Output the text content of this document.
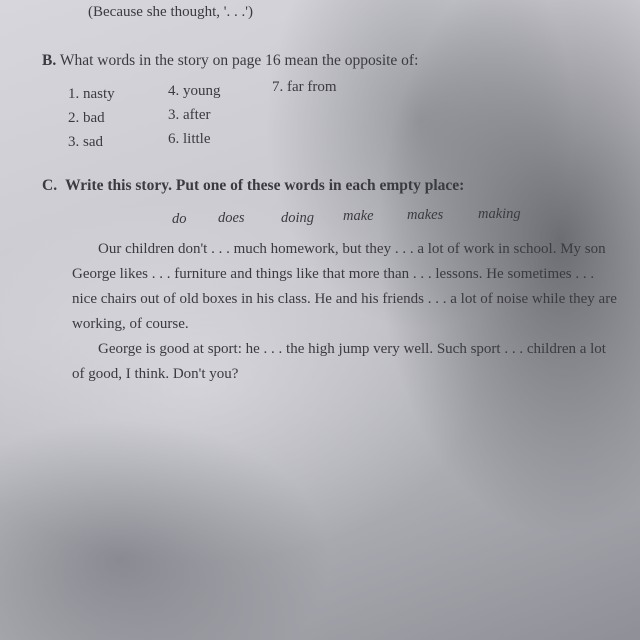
(Because she thought, '. . .')
B. What words in the story on page 16 mean the opposite of:
1. nasty
2. bad
3. sad
4. young
3. after
6. little
7. far from
C. Write this story. Put one of these words in each empty place:
do does	doing make makes making

Our children don't . . . much homework, but they . . . a lot of work in school. My son George likes . . . furniture and things like that more than . . . lessons. He sometimes . . . nice chairs out of old boxes in his class. He and his friends . . . a lot of noise while they are working, of course.

George is good at sport: he . . . the high jump very well. Such sport . . . children a lot of good, I think. Don't you?
